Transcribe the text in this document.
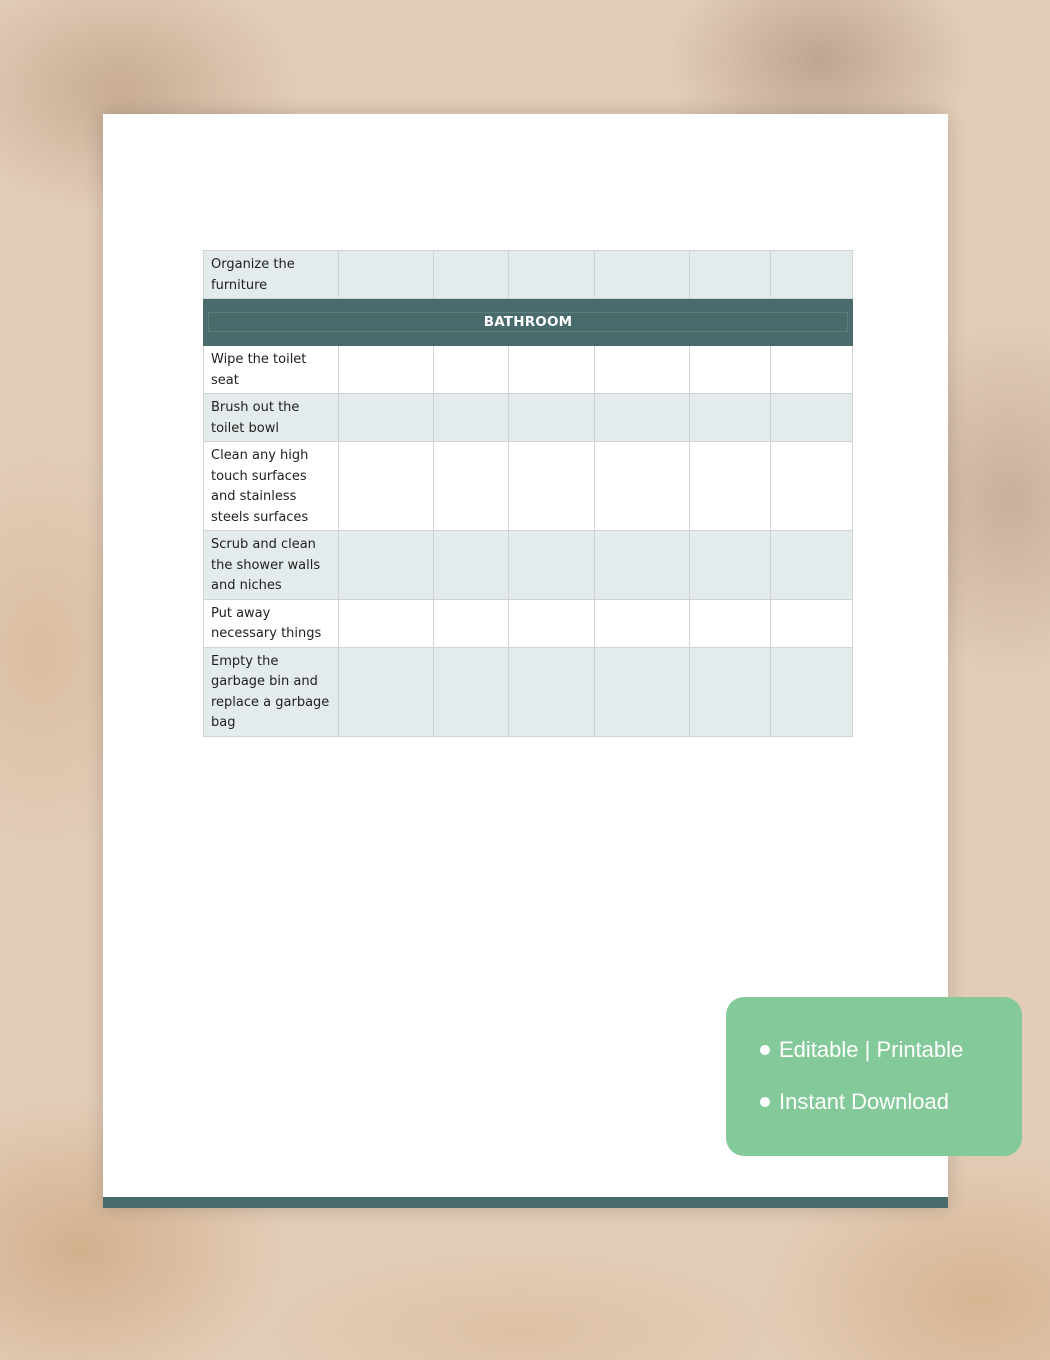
Organize the furniture						

BATHROOM						

Wipe the toilet seat						
Brush out the toilet bowl						
Clean any high touch surfaces and stainless steels surfaces						
Scrub and clean the shower walls and niches						
Put away necessary things						
Empty the garbage bin and replace a garbage bag						
Editable | Printable
Instant Download
